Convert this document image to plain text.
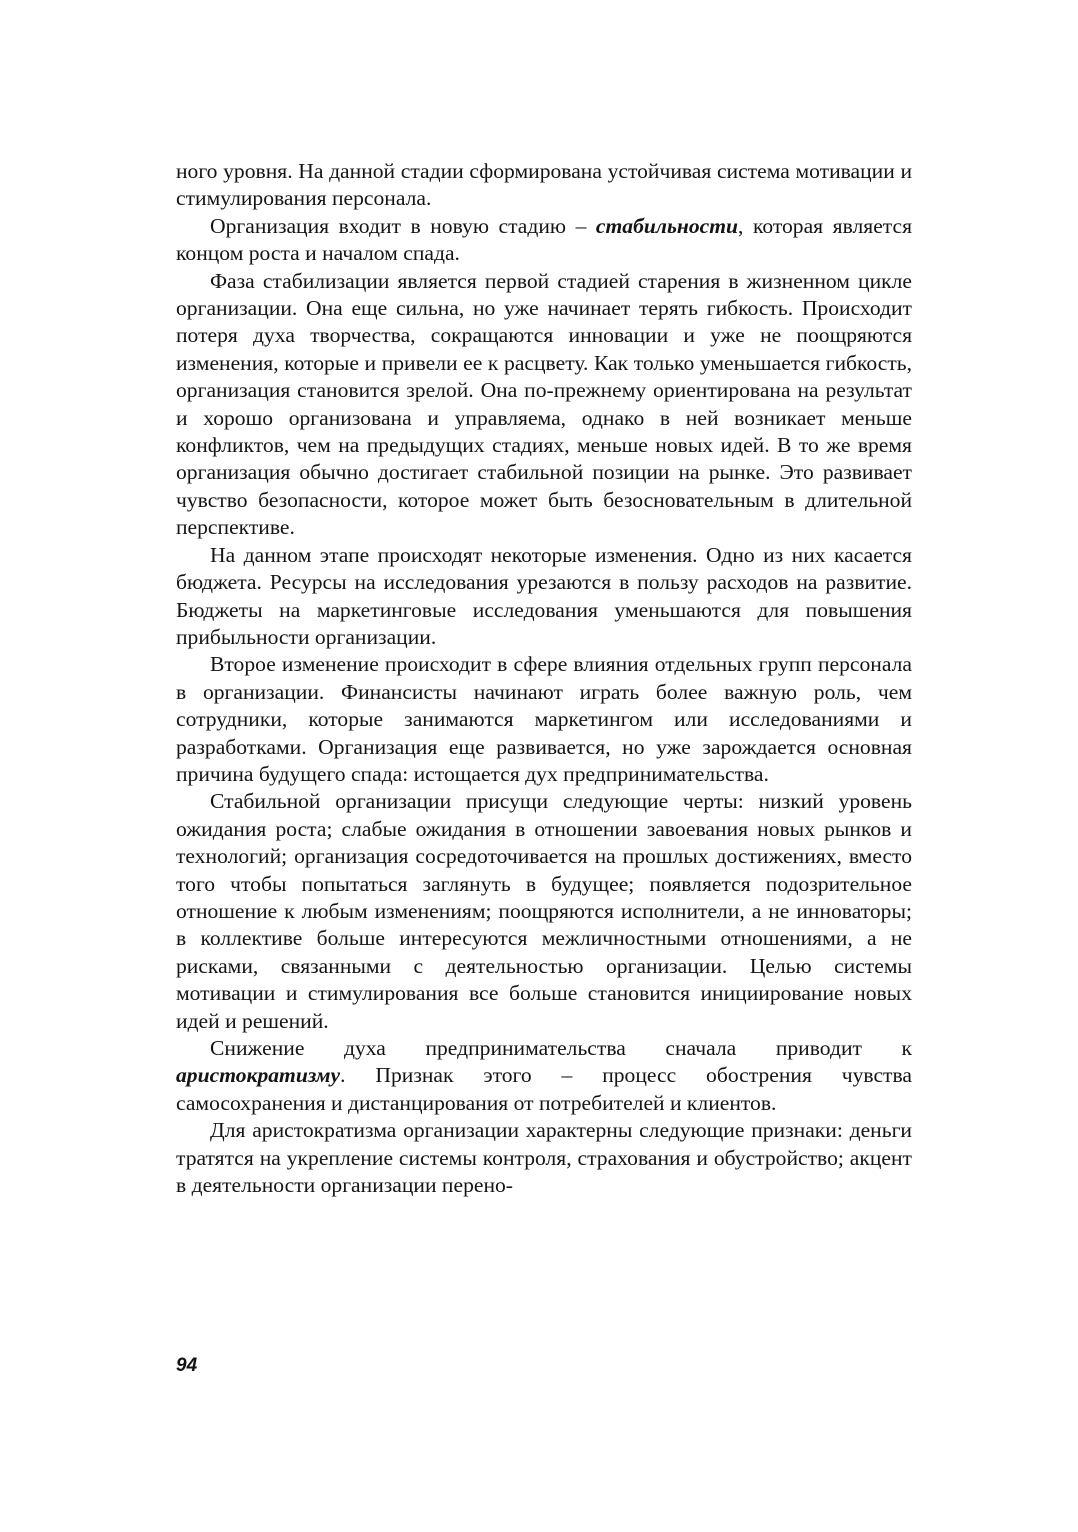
ного уровня. На данной стадии сформирована устойчивая система мотивации и стимулирования персонала.

Организация входит в новую стадию – стабильности, которая является концом роста и началом спада.

Фаза стабилизации является первой стадией старения в жизненном цикле организации. Она еще сильна, но уже начинает терять гибкость. Происходит потеря духа творчества, сокращаются инновации и уже не поощряются изменения, которые и привели ее к расцвету. Как только уменьшается гибкость, организация становится зрелой. Она по-прежнему ориентирована на результат и хорошо организована и управляема, однако в ней возникает меньше конфликтов, чем на предыдущих стадиях, меньше новых идей. В то же время организация обычно достигает стабильной позиции на рынке. Это развивает чувство безопасности, которое может быть безосновательным в длительной перспективе.

На данном этапе происходят некоторые изменения. Одно из них касается бюджета. Ресурсы на исследования урезаются в пользу расходов на развитие. Бюджеты на маркетинговые исследования уменьшаются для повышения прибыльности организации.

Второе изменение происходит в сфере влияния отдельных групп персонала в организации. Финансисты начинают играть более важную роль, чем сотрудники, которые занимаются маркетингом или исследованиями и разработками. Организация еще развивается, но уже зарождается основная причина будущего спада: истощается дух предпринимательства.

Стабильной организации присущи следующие черты: низкий уровень ожидания роста; слабые ожидания в отношении завоевания новых рынков и технологий; организация сосредоточивается на прошлых достижениях, вместо того чтобы попытаться заглянуть в будущее; появляется подозрительное отношение к любым изменениям; поощряются исполнители, а не инноваторы; в коллективе больше интересуются межличностными отношениями, а не рисками, связанными с деятельностью организации. Целью системы мотивации и стимулирования все больше становится инициирование новых идей и решений.

Снижение духа предпринимательства сначала приводит к аристократизму. Признак этого – процесс обострения чувства самосохранения и дистанцирования от потребителей и клиентов.

Для аристократизма организации характерны следующие признаки: деньги тратятся на укрепление системы контроля, страхования и обустройство; акцент в деятельности организации перено-

94
